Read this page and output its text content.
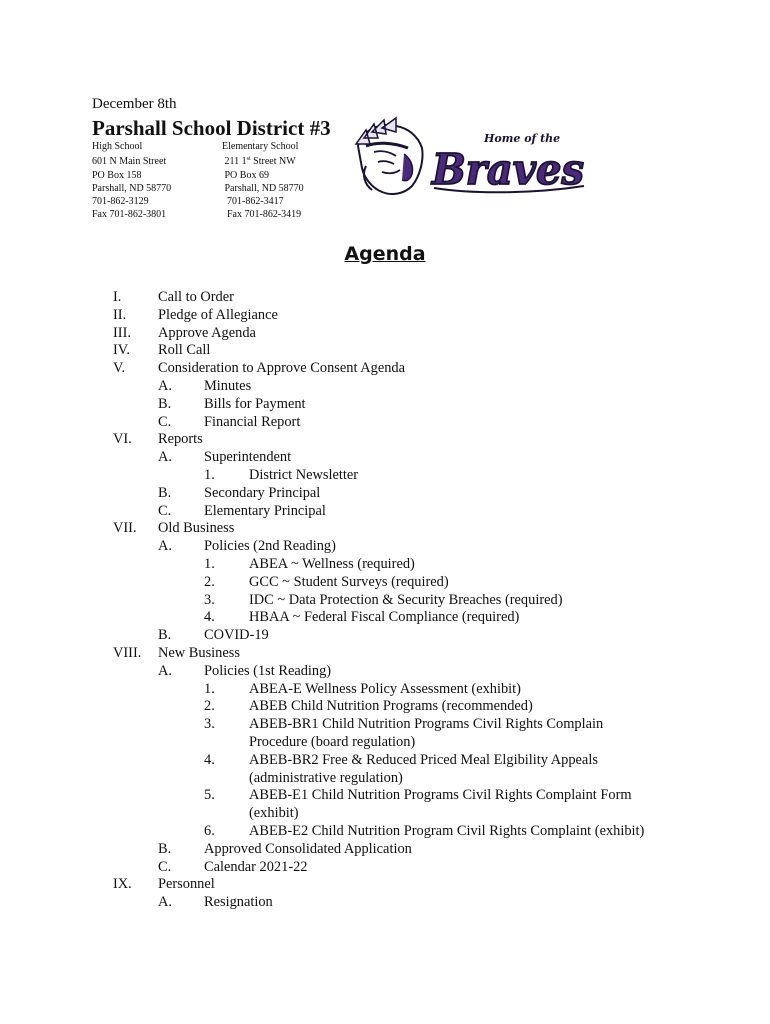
December 8th
Parshall School District #3
High School
601 N Main Street
PO Box 158
Parshall, ND 58770
701-862-3129
Fax 701-862-3801
Elementary School
211 1st Street NW
PO Box 69
Parshall, ND 58770
701-862-3417
Fax 701-862-3419
Home of the
Braves
Agenda
I.	Call to Order
II. Pledge of Allegiance
III. Approve Agenda
IV. Roll Call
V. Consideration to Approve Consent Agenda
A. Minutes
B. Bills for Payment
C. Financial Report
VI. Reports
A. Superintendent
1. District Newsletter
B. Secondary Principal
C. Elementary Principal
VII. Old Business
A. Policies (2nd Reading)
1. ABEA ~ Wellness (required)
2. GCC ~ Student Surveys (required)
3. IDC ~ Data Protection & Security Breaches (required)
4. HBAA ~ Federal Fiscal Compliance (required)
B. COVID-19
VIII. New Business
A. Policies (1st Reading)
1. ABEA-E Wellness Policy Assessment (exhibit)
2. ABEB Child Nutrition Programs (recommended)
3. ABEB-BR1 Child Nutrition Programs Civil Rights Complain
Procedure (board regulation)
4. ABEB-BR2 Free & Reduced Priced Meal Elgibility Appeals
(administrative regulation)
5. ABEB-E1 Child Nutrition Programs Civil Rights Complaint Form
(exhibit)
6. ABEB-E2 Child Nutrition Program Civil Rights Complaint (exhibit)
B. Approved Consolidated Application
C. Calendar 2021-22
IX. Personnel
A. Resignation
